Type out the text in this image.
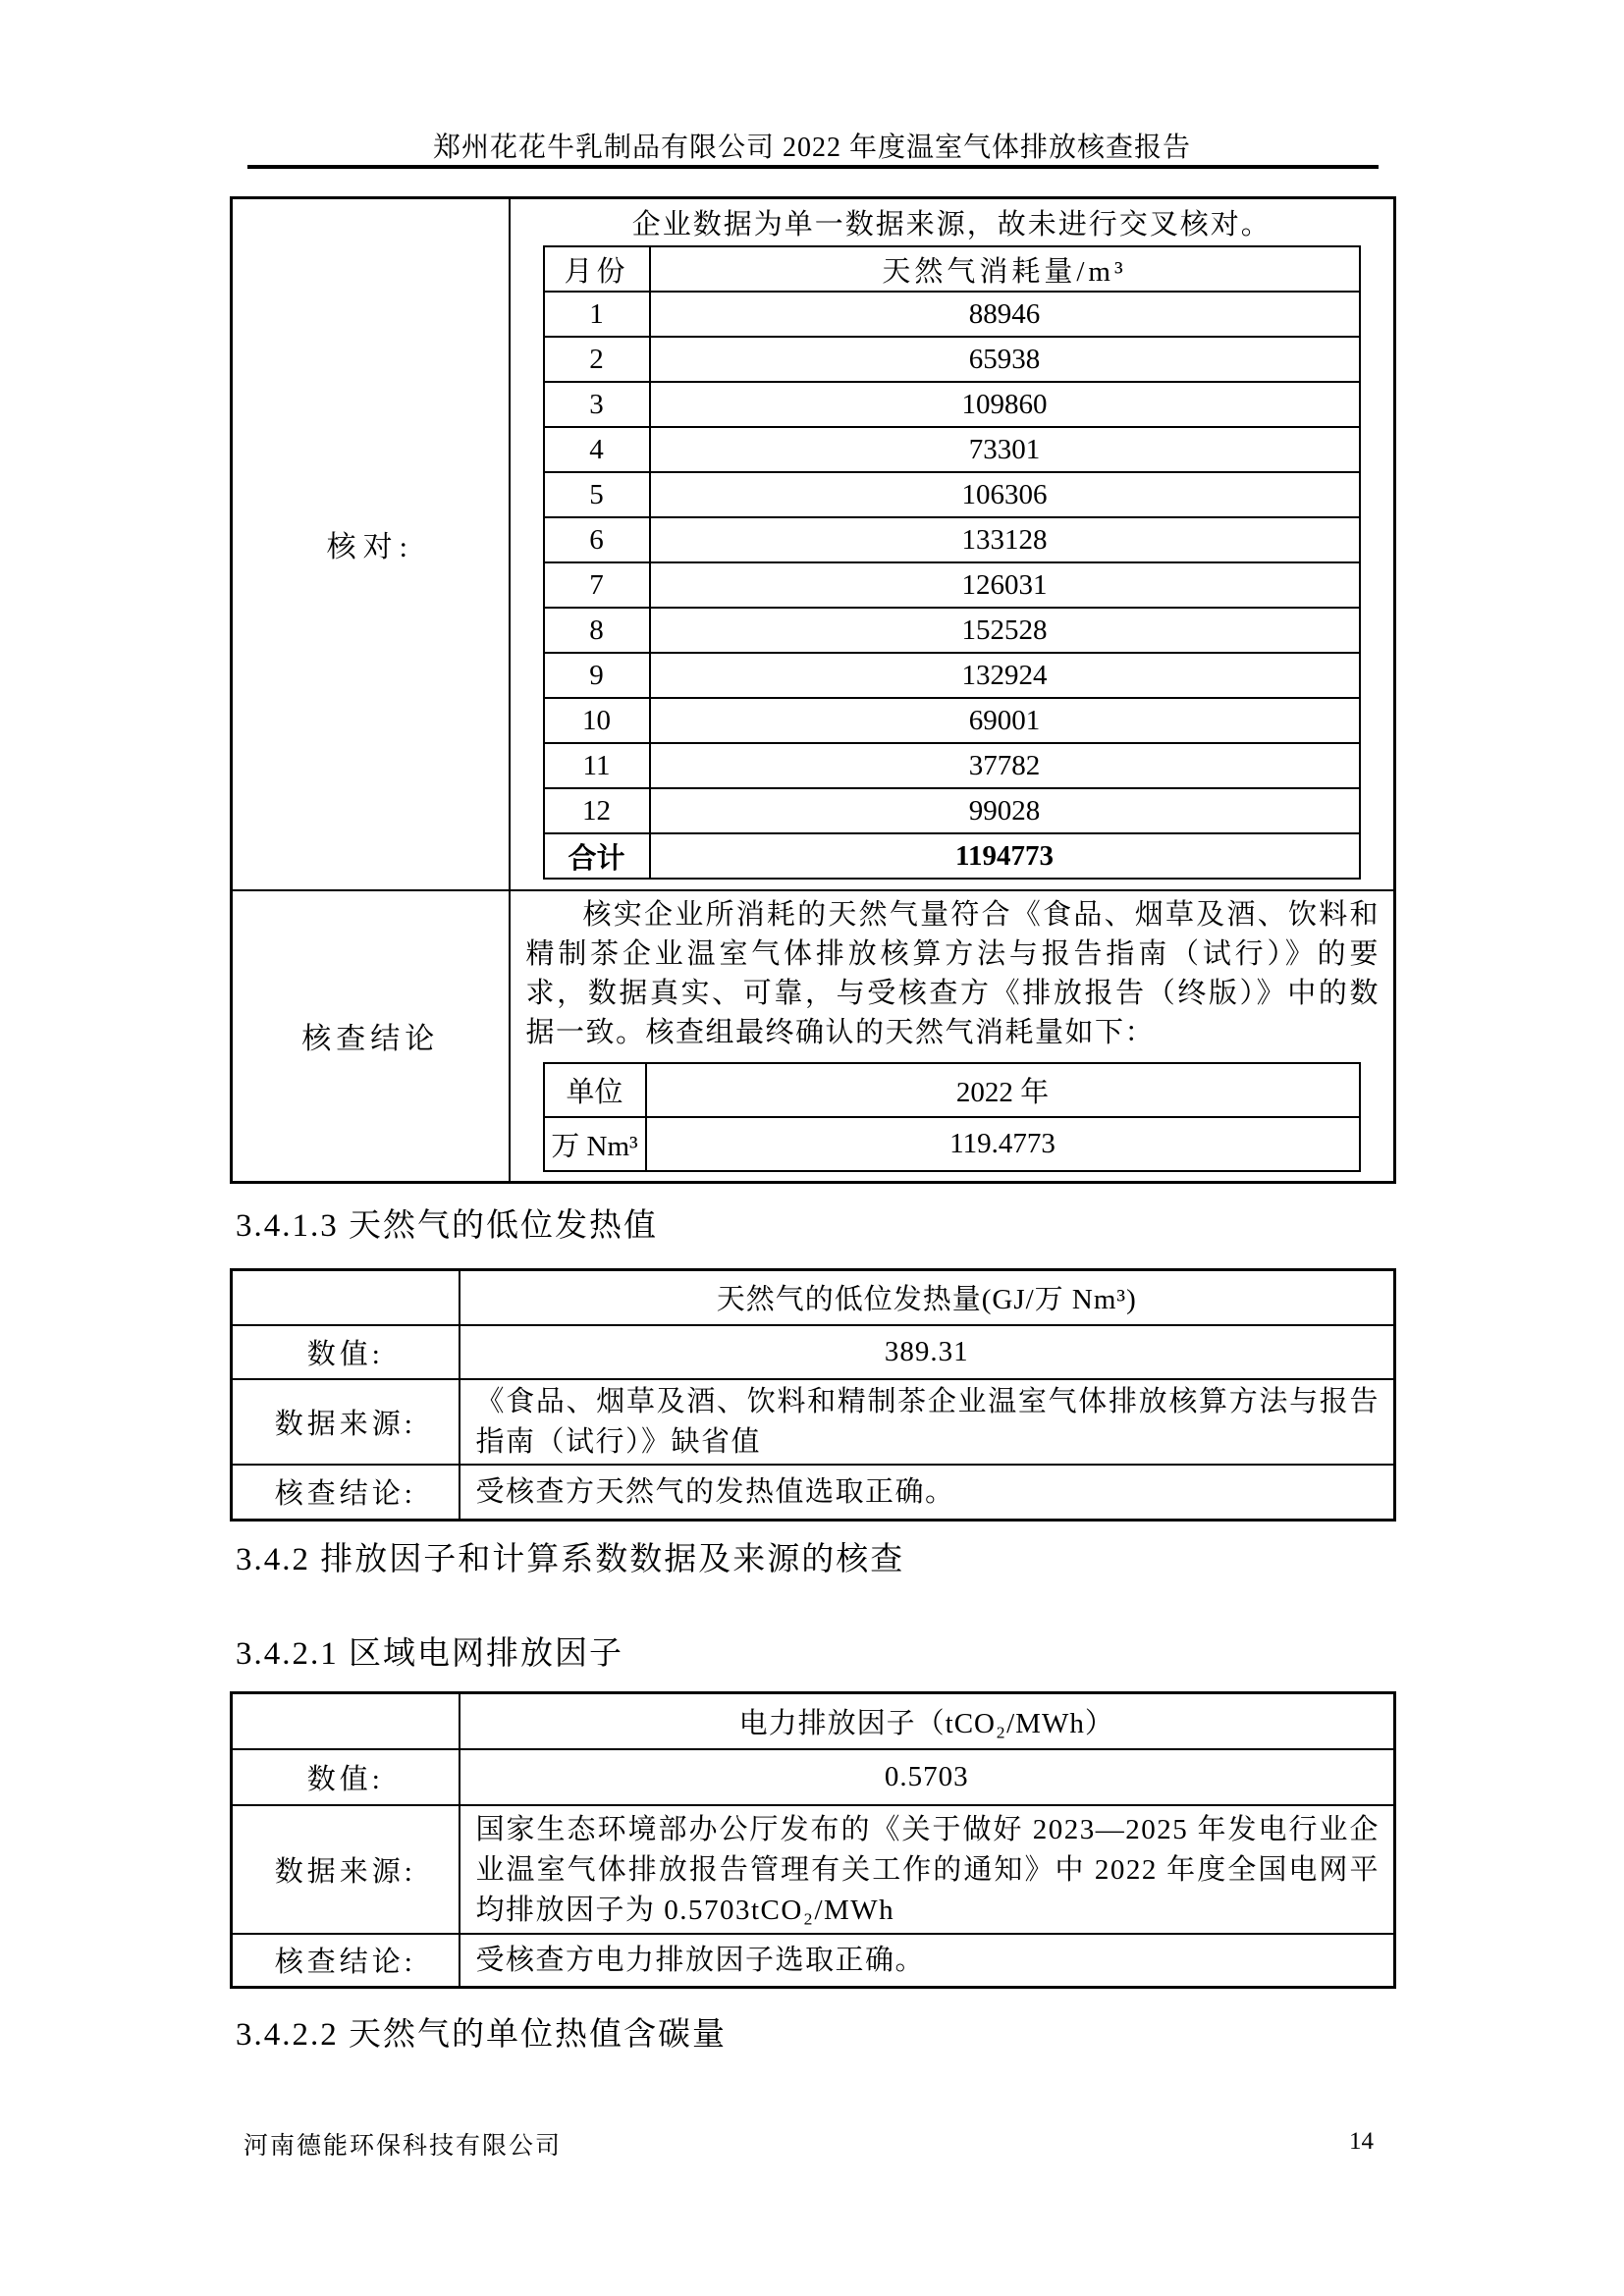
郑州花花牛乳制品有限公司 2022 年度温室气体排放核查报告
核对:	
企业数据为单一数据来源，故未进行交叉核对。
月份	天然气消耗量/m³
1	88946
2	65938
3	109860
4	73301
5	106306
6	133128
7	126031
8	152528
9	132924
10	69001
11	37782
12	99028
合计	1194773

核查结论	

核实企业所消耗的天然气量符合《食品、烟草及酒、饮料和精制茶企业温室气体排放核算方法与报告指南（试行）》的要求，数据真实、可靠，与受核查方《排放报告（终版）》中的数据一致。核查组最终确认的天然气消耗量如下：

单位	2022 年
万 Nm³	119.4773
3.4.1.3 天然气的低位发热值
	天然气的低位发热量(GJ/万 Nm³)
数值:	389.31
数据来源:	《食品、烟草及酒、饮料和精制茶企业温室气体排放核算方法与报告指南（试行）》缺省值
核查结论:	受核查方天然气的发热值选取正确。
3.4.2 排放因子和计算系数数据及来源的核查
3.4.2.1 区域电网排放因子
	电力排放因子（tCO₂/MWh）
数值:	0.5703
数据来源:	国家生态环境部办公厅发布的《关于做好 2023—2025 年发电行业企业温室气体排放报告管理有关工作的通知》中 2022 年度全国电网平均排放因子为 0.5703tCO₂/MWh
核查结论:	受核查方电力排放因子选取正确。
3.4.2.2 天然气的单位热值含碳量
河南德能环保科技有限公司	14
